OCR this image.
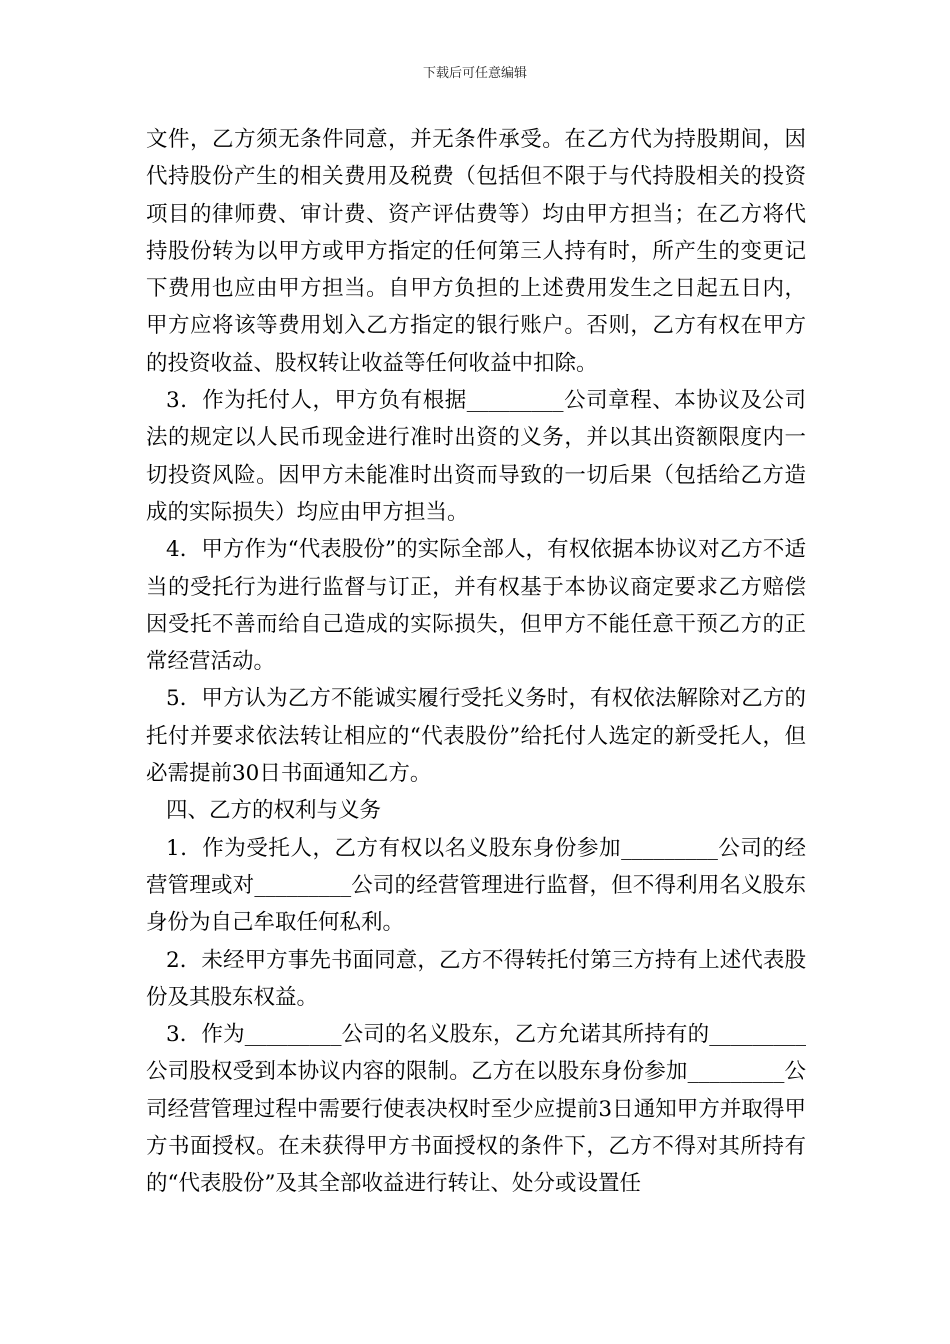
下载后可任意编辑

文件，乙方须无条件同意，并无条件承受。在乙方代为持股期间，因代持股份产生的相关费用及税费（包括但不限于与代持股相关的投资项目的律师费、审计费、资产评估费等）均由甲方担当；在乙方将代持股份转为以甲方或甲方指定的任何第三人持有时，所产生的变更记下费用也应由甲方担当。自甲方负担的上述费用发生之日起五日内，甲方应将该等费用划入乙方指定的银行账户。否则，乙方有权在甲方的投资收益、股权转让收益等任何收益中扣除。

3．作为托付人，甲方负有根据_________公司章程、本协议及公司法的规定以人民币现金进行准时出资的义务，并以其出资额限度内一切投资风险。因甲方未能准时出资而导致的一切后果（包括给乙方造成的实际损失）均应由甲方担当。

4．甲方作为“代表股份”的实际全部人，有权依据本协议对乙方不适当的受托行为进行监督与订正，并有权基于本协议商定要求乙方赔偿因受托不善而给自己造成的实际损失，但甲方不能任意干预乙方的正常经营活动。

5．甲方认为乙方不能诚实履行受托义务时，有权依法解除对乙方的托付并要求依法转让相应的“代表股份”给托付人选定的新受托人，但必需提前30日书面通知乙方。

四、乙方的权利与义务

1．作为受托人，乙方有权以名义股东身份参加_________公司的经营管理或对_________公司的经营管理进行监督，但不得利用名义股东身份为自己牟取任何私利。

2．未经甲方事先书面同意，乙方不得转托付第三方持有上述代表股份及其股东权益。

3．作为_________公司的名义股东，乙方允诺其所持有的_________公司股权受到本协议内容的限制。乙方在以股东身份参加_________公司经营管理过程中需要行使表决权时至少应提前3日通知甲方并取得甲方书面授权。在未获得甲方书面授权的条件下，乙方不得对其所持有的“代表股份”及其全部收益进行转让、处分或设置任
